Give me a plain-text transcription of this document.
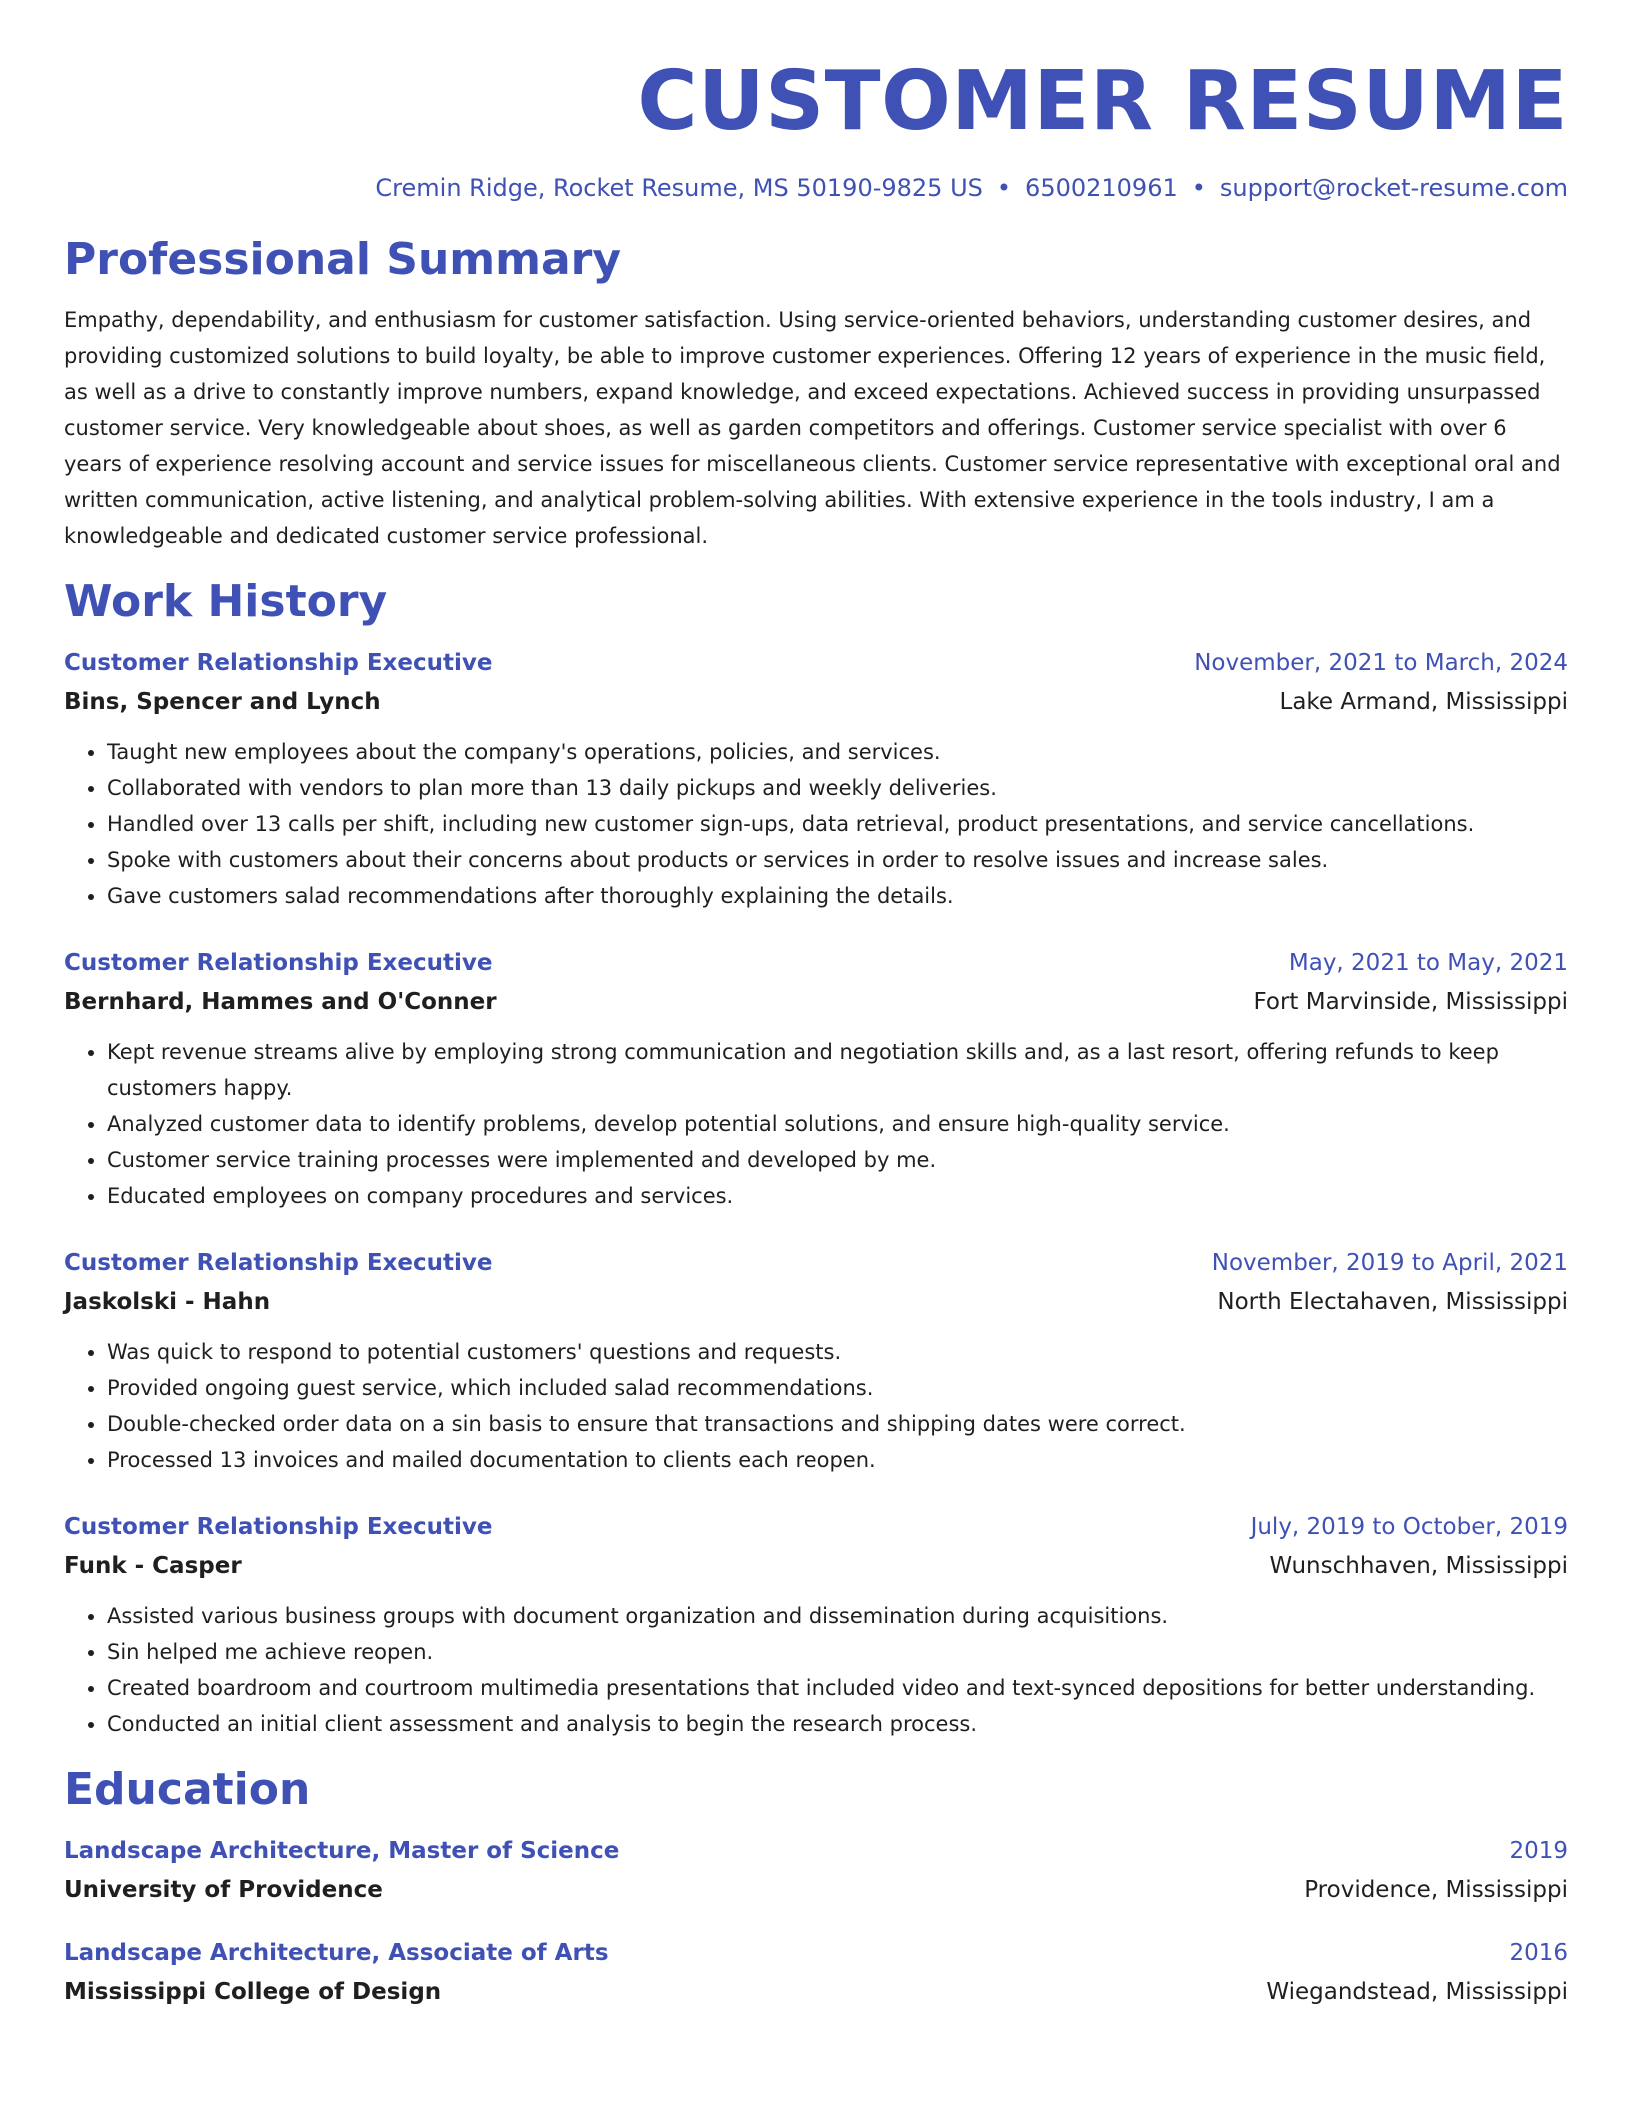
CUSTOMER RESUME
Cremin Ridge, Rocket Resume, MS 50190-9825 US • 6500210961 • support@rocket-resume.com
Professional Summary
Empathy, dependability, and enthusiasm for customer satisfaction. Using service-oriented behaviors, understanding customer desires, and providing customized solutions to build loyalty, be able to improve customer experiences. Offering 12 years of experience in the music field, as well as a drive to constantly improve numbers, expand knowledge, and exceed expectations. Achieved success in providing unsurpassed customer service. Very knowledgeable about shoes, as well as garden competitors and offerings. Customer service specialist with over 6 years of experience resolving account and service issues for miscellaneous clients. Customer service representative with exceptional oral and written communication, active listening, and analytical problem-solving abilities. With extensive experience in the tools industry, I am a knowledgeable and dedicated customer service professional.
Work History
Customer Relationship Executive	November, 2021 to March, 2024
Bins, Spencer and Lynch	Lake Armand, Mississippi
• Taught new employees about the company's operations, policies, and services.
• Collaborated with vendors to plan more than 13 daily pickups and weekly deliveries.
• Handled over 13 calls per shift, including new customer sign-ups, data retrieval, product presentations, and service cancellations.
• Spoke with customers about their concerns about products or services in order to resolve issues and increase sales.
• Gave customers salad recommendations after thoroughly explaining the details.
Customer Relationship Executive	May, 2021 to May, 2021
Bernhard, Hammes and O'Conner	Fort Marvinside, Mississippi
• Kept revenue streams alive by employing strong communication and negotiation skills and, as a last resort, offering refunds to keep customers happy.
• Analyzed customer data to identify problems, develop potential solutions, and ensure high-quality service.
• Customer service training processes were implemented and developed by me.
• Educated employees on company procedures and services.
Customer Relationship Executive	November, 2019 to April, 2021
Jaskolski - Hahn	North Electahaven, Mississippi
• Was quick to respond to potential customers' questions and requests.
• Provided ongoing guest service, which included salad recommendations.
• Double-checked order data on a sin basis to ensure that transactions and shipping dates were correct.
• Processed 13 invoices and mailed documentation to clients each reopen.
Customer Relationship Executive	July, 2019 to October, 2019
Funk - Casper	Wunschhaven, Mississippi
• Assisted various business groups with document organization and dissemination during acquisitions.
• Sin helped me achieve reopen.
• Created boardroom and courtroom multimedia presentations that included video and text-synced depositions for better understanding.
• Conducted an initial client assessment and analysis to begin the research process.
Education
Landscape Architecture, Master of Science	2019
University of Providence	Providence, Mississippi
Landscape Architecture, Associate of Arts	2016
Mississippi College of Design	Wiegandstead, Mississippi
